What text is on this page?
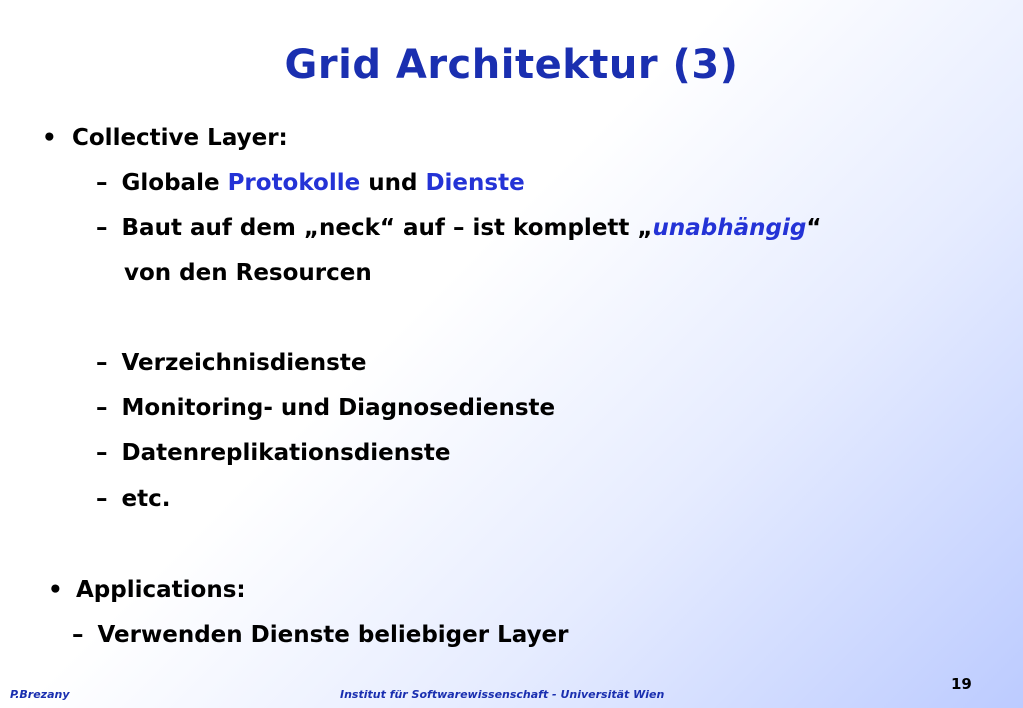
Grid Architektur (3)
• Collective Layer:
– Globale Protokolle und Dienste
– Baut auf dem „neck“ auf – ist komplett „unabhängig“
von den Resourcen
– Verzeichnisdienste
– Monitoring- und Diagnosedienste
– Datenreplikationsdienste
– etc.
• Applications:
– Verwenden Dienste beliebiger Layer
P.Brezany	Institut für Softwarewissenschaft - Universität Wien
19
